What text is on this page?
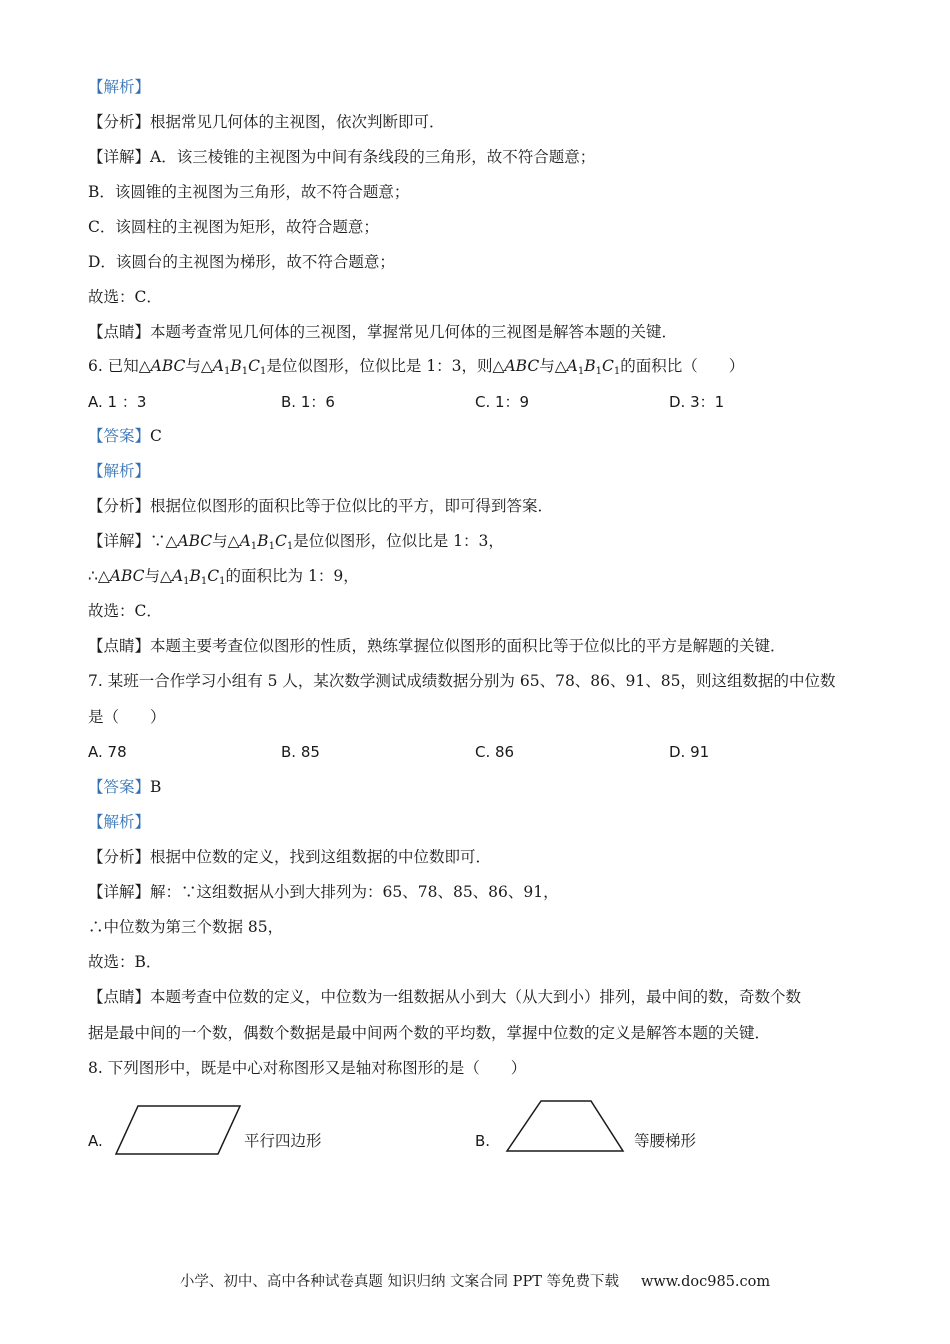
【解析】
【分析】根据常见几何体的主视图，依次判断即可．
【详解】A．该三棱锥的主视图为中间有条线段的三角形，故不符合题意；
B．该圆锥的主视图为三角形，故不符合题意；
C．该圆柱的主视图为矩形，故符合题意；
D．该圆台的主视图为梯形，故不符合题意；
故选：C．
【点睛】本题考查常见几何体的三视图，掌握常见几何体的三视图是解答本题的关键．
6. 已知△ABC与$\triangle A_1B_1C_1$是位似图形，位似比是 1：3，则△ABC与$\triangle A_1B_1C_1$的面积比（　　）
A. 1 ：3	B. 1：6	C. 1：9	D. 3：1
【答案】C
【解析】
【分析】根据位似图形的面积比等于位似比的平方，即可得到答案．
【详解】∵△ABC与$\triangle A_1B_1C_1$是位似图形，位似比是 1：3，
∴△ABC与$\triangle A_1B_1C_1$的面积比为 1：9，
故选：C．
【点睛】本题主要考查位似图形的性质，熟练掌握位似图形的面积比等于位似比的平方是解题的关键．
7. 某班一合作学习小组有 5 人，某次数学测试成绩数据分别为 65、78、86、91、85，则这组数据的中位数
是（　　）
A. 78	B. 85	C. 86	D. 91
【答案】B
【解析】
【分析】根据中位数的定义，找到这组数据的中位数即可．
【详解】解：∵这组数据从小到大排列为：65、78、85、86、91，
∴中位数为第三个数据 85，
故选：B．
【点睛】本题考查中位数的定义，中位数为一组数据从小到大（从大到小）排列，最中间的数，奇数个数
据是最中间的一个数，偶数个数据是最中间两个数的平均数，掌握中位数的定义是解答本题的关键．
8. 下列图形中，既是中心对称图形又是轴对称图形的是（　　）
A.	平行四边形	B.	等腰梯形
小学、初中、高中各种试卷真题 知识归纳 文案合同 PPT 等免费下载 www.doc985.com
